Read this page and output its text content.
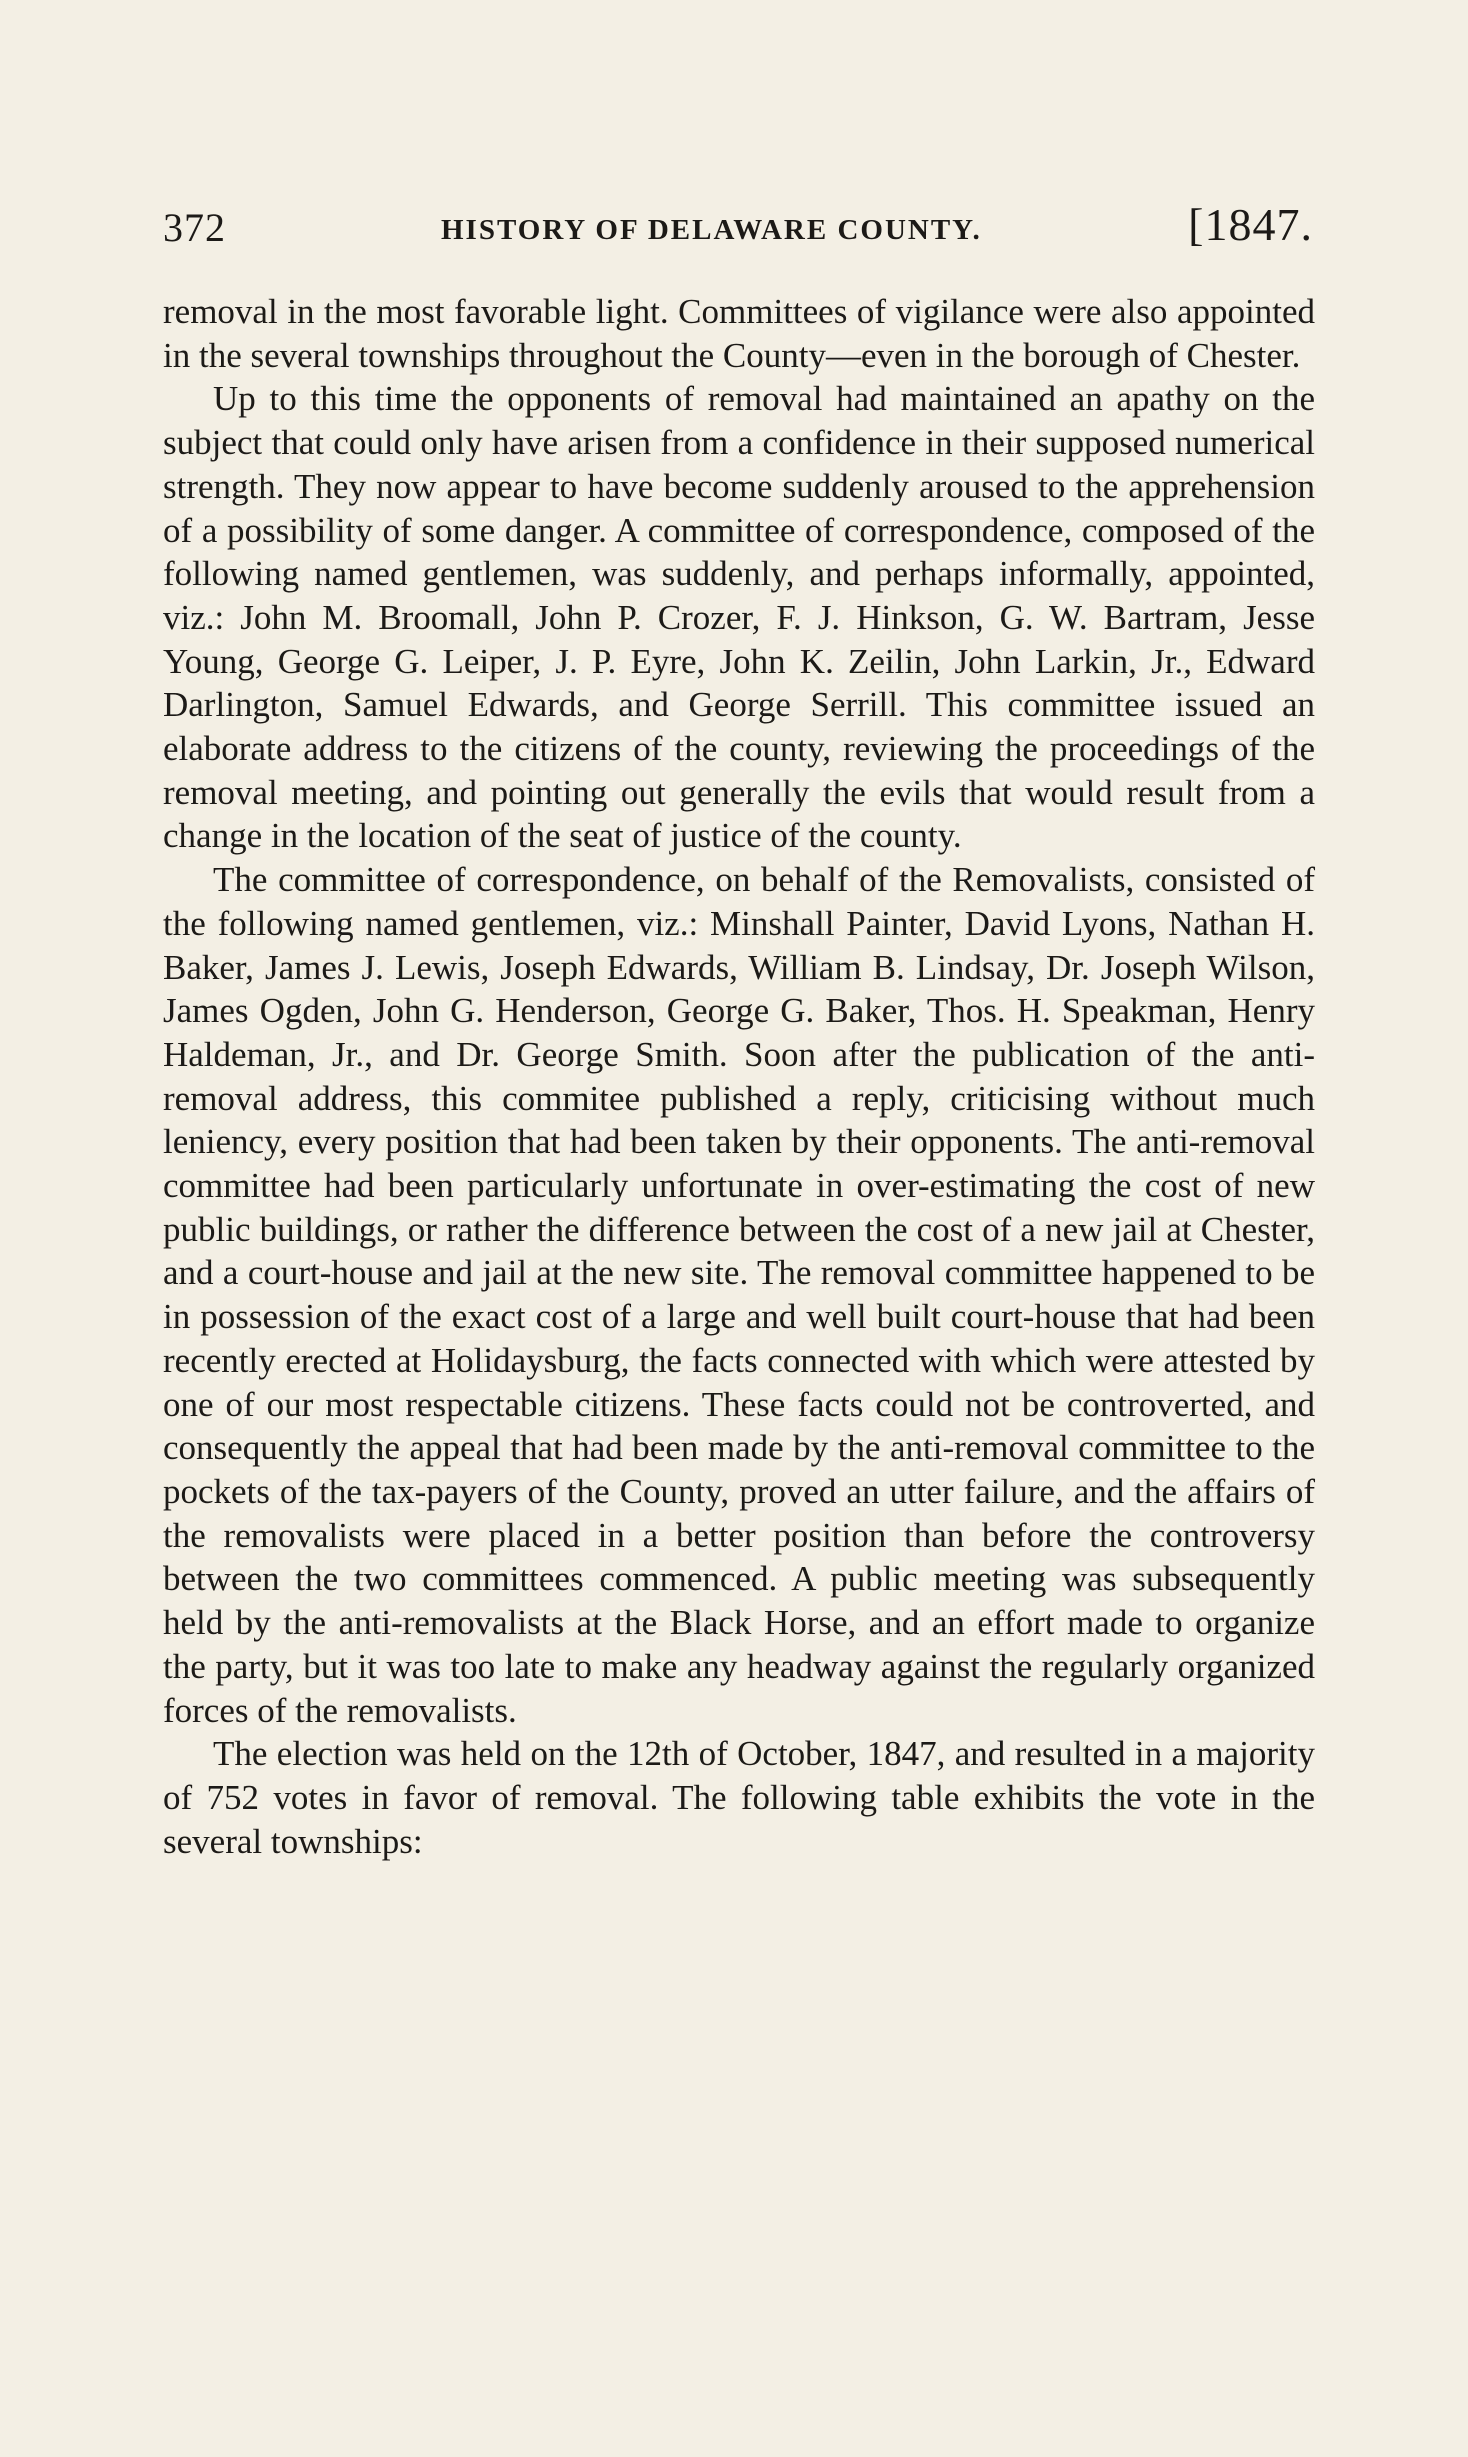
372	HISTORY OF DELAWARE COUNTY.	[1847.

removal in the most favorable light. Committees of vigilance were also appointed in the several townships throughout the County—even in the borough of Chester.

Up to this time the opponents of removal had maintained an apathy on the subject that could only have arisen from a confidence in their supposed numerical strength. They now appear to have become suddenly aroused to the apprehension of a possibility of some danger. A committee of correspondence, composed of the following named gentlemen, was suddenly, and perhaps informally, appointed, viz.: John M. Broomall, John P. Crozer, F. J. Hinkson, G. W. Bartram, Jesse Young, George G. Leiper, J. P. Eyre, John K. Zeilin, John Larkin, Jr., Edward Darlington, Samuel Edwards, and George Serrill. This committee issued an elaborate address to the citizens of the county, reviewing the proceedings of the removal meeting, and pointing out generally the evils that would result from a change in the location of the seat of justice of the county.

The committee of correspondence, on behalf of the Removalists, consisted of the following named gentlemen, viz.: Minshall Painter, David Lyons, Nathan H. Baker, James J. Lewis, Joseph Edwards, William B. Lindsay, Dr. Joseph Wilson, James Ogden, John G. Henderson, George G. Baker, Thos. H. Speakman, Henry Haldeman, Jr., and Dr. George Smith. Soon after the publication of the anti-removal address, this commitee published a reply, criticising without much leniency, every position that had been taken by their opponents. The anti-removal committee had been particularly unfortunate in over-estimating the cost of new public buildings, or rather the difference between the cost of a new jail at Chester, and a court-house and jail at the new site. The removal committee happened to be in possession of the exact cost of a large and well built court-house that had been recently erected at Holidaysburg, the facts connected with which were attested by one of our most respectable citizens. These facts could not be controverted, and consequently the appeal that had been made by the anti-removal committee to the pockets of the tax-payers of the County, proved an utter failure, and the affairs of the removalists were placed in a better position than before the controversy between the two committees commenced. A public meeting was subsequently held by the anti-removalists at the Black Horse, and an effort made to organize the party, but it was too late to make any headway against the regularly organized forces of the removalists.

The election was held on the 12th of October, 1847, and resulted in a majority of 752 votes in favor of removal. The following table exhibits the vote in the several townships:
